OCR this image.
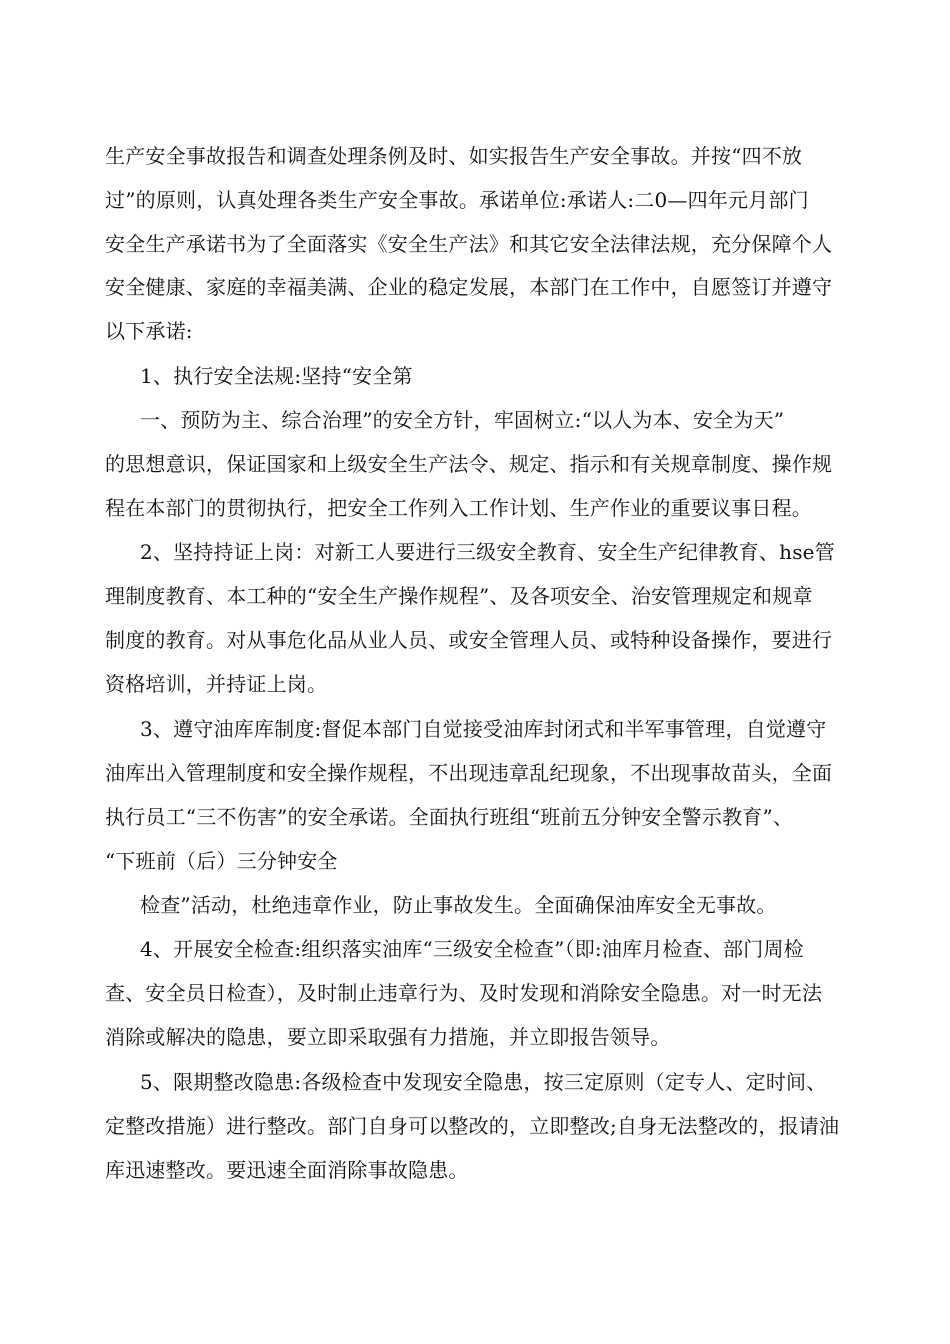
生产安全事故报告和调查处理条例及时、如实报告生产安全事故。并按“四不放
过”的原则，认真处理各类生产安全事故。承诺单位:承诺人:二0—四年元月部门
安全生产承诺书为了全面落实《安全生产法》和其它安全法律法规，充分保障个人
安全健康、家庭的幸福美满、企业的稳定发展，本部门在工作中，自愿签订并遵守
以下承诺:
1、执行安全法规:坚持“安全第
一、预防为主、综合治理”的安全方针，牢固树立:“以人为本、安全为天”
的思想意识，保证国家和上级安全生产法令、规定、指示和有关规章制度、操作规
程在本部门的贯彻执行，把安全工作列入工作计划、生产作业的重要议事日程。
2、坚持持证上岗：对新工人要进行三级安全教育、安全生产纪律教育、hse管
理制度教育、本工种的“安全生产操作规程”、及各项安全、治安管理规定和规章
制度的教育。对从事危化品从业人员、或安全管理人员、或特种设备操作，要进行
资格培训，并持证上岗。
3、遵守油库库制度:督促本部门自觉接受油库封闭式和半军事管理，自觉遵守
油库出入管理制度和安全操作规程，不出现违章乱纪现象，不出现事故苗头，全面
执行员工“三不伤害”的安全承诺。全面执行班组“班前五分钟安全警示教育”、
“下班前（后）三分钟安全
检查”活动，杜绝违章作业，防止事故发生。全面确保油库安全无事故。
4、开展安全检查:组织落实油库“三级安全检查”（即:油库月检查、部门周检
查、安全员日检查），及时制止违章行为、及时发现和消除安全隐患。对一时无法
消除或解决的隐患，要立即采取强有力措施，并立即报告领导。
5、限期整改隐患:各级检查中发现安全隐患，按三定原则（定专人、定时间、
定整改措施）进行整改。部门自身可以整改的，立即整改;自身无法整改的，报请油
库迅速整改。要迅速全面消除事故隐患。
